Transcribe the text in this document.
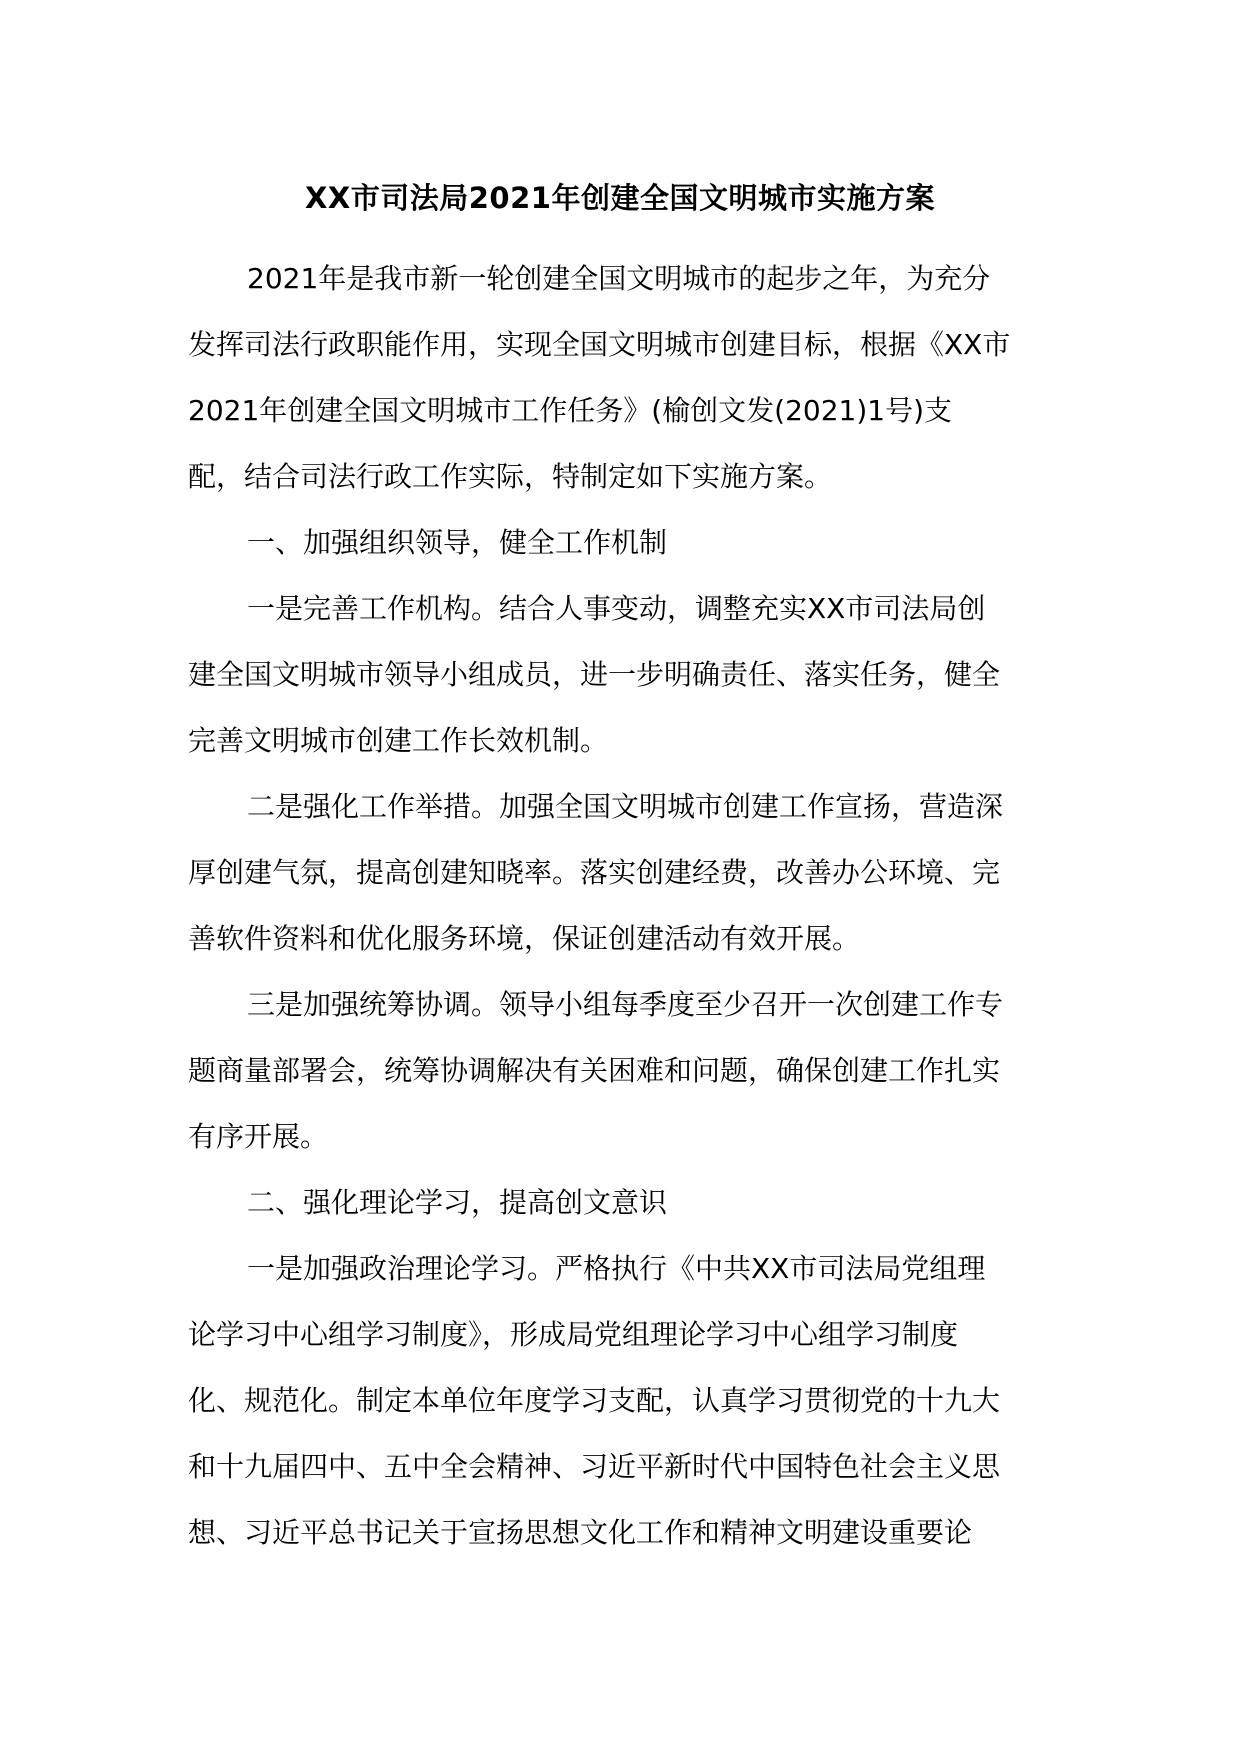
XX市司法局2021年创建全国文明城市实施方案
2021年是我市新一轮创建全国文明城市的起步之年，为充分
发挥司法行政职能作用，实现全国文明城市创建目标，根据《XX市
2021年创建全国文明城市工作任务》(榆创文发(2021)1号)支
配，结合司法行政工作实际，特制定如下实施方案。
一、加强组织领导，健全工作机制
一是完善工作机构。结合人事变动，调整充实XX市司法局创
建全国文明城市领导小组成员，进一步明确责任、落实任务，健全
完善文明城市创建工作长效机制。
二是强化工作举措。加强全国文明城市创建工作宣扬，营造深
厚创建气氛，提高创建知晓率。落实创建经费，改善办公环境、完
善软件资料和优化服务环境，保证创建活动有效开展。
三是加强统筹协调。领导小组每季度至少召开一次创建工作专
题商量部署会，统筹协调解决有关困难和问题，确保创建工作扎实
有序开展。
二、强化理论学习，提高创文意识
一是加强政治理论学习。严格执行《中共XX市司法局党组理
论学习中心组学习制度》，形成局党组理论学习中心组学习制度
化、规范化。制定本单位年度学习支配，认真学习贯彻党的十九大
和十九届四中、五中全会精神、习近平新时代中国特色社会主义思
想、习近平总书记关于宣扬思想文化工作和精神文明建设重要论
